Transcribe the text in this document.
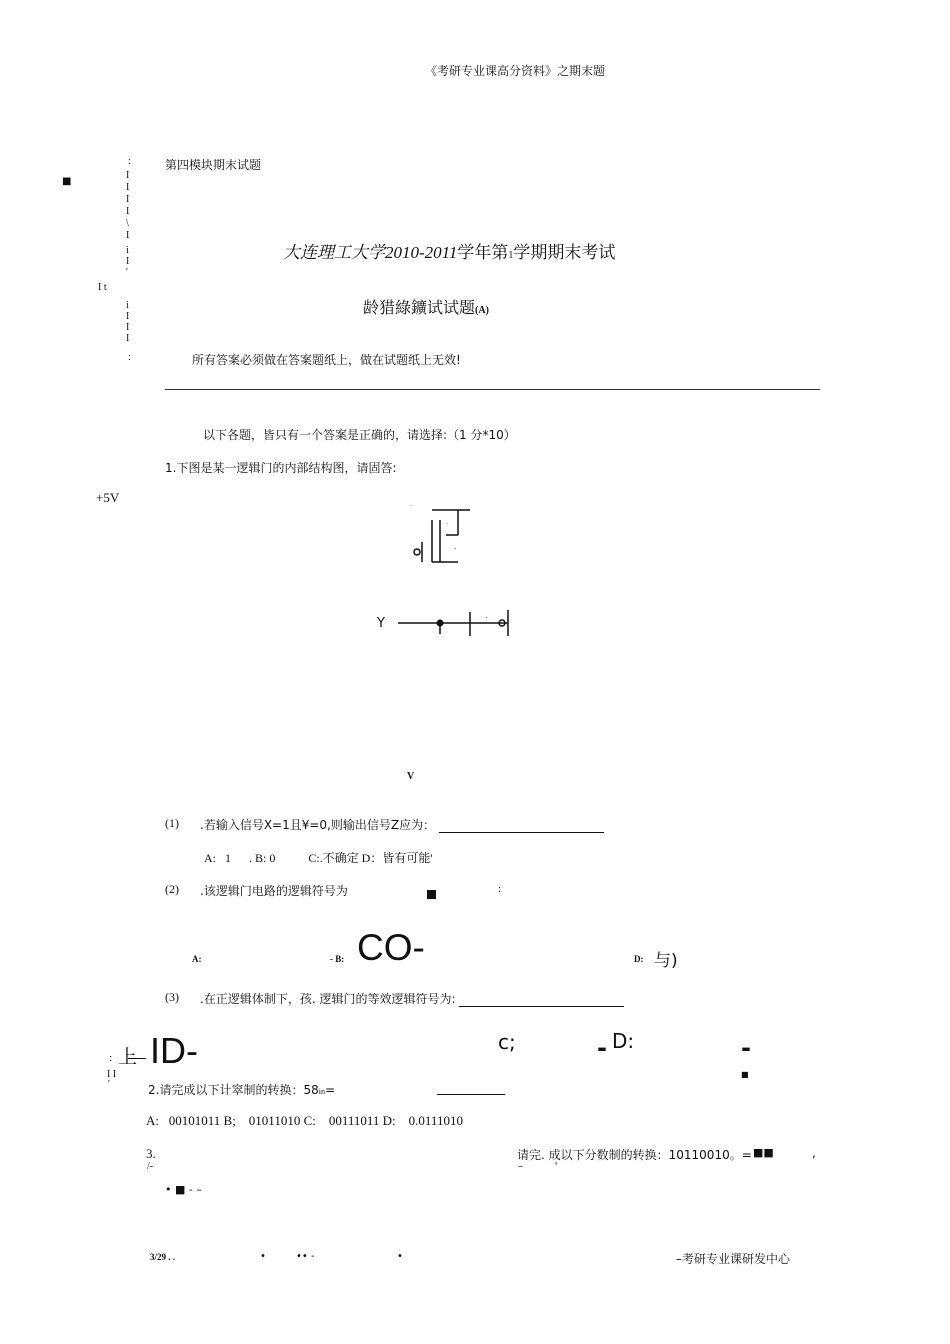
《考研专业课高分资料》之期末题
:
I
I
I
I
\
I
■
i
I
'
I t
i
I
I
I
:
第四模块期末试题
大连理工大学2010-2011学年第1学期期末考试
龄猎綠鑛试试题(A)
所有答案必须做在答案题纸上，做在试题纸上无效!
以下各题，皆只有一个答案是正确的，请选择:（1 分*10）
1.下图是某一逻辑门的内部结构图，请固答:
+5V
·
·
-
`
Y
V
(1) .若输入信号X=1且¥=0,则输出信号Z应为：
A:   1      . B: 0           C:.不确定 D：皆有可能'
(2) .该逻辑门电路的逻辑符号为	:
A:	- B: CO-	D: 与)
(3) .在正逻辑体制下，孩. 逻辑门的等效逻辑符号为:
: 上 ID-	c;	- D:	-
■
I I
'	2.请完成以下计窣制的转换：58in=
A:   00101011 B;    01011010 C:    00111011 D:    0.0111010
3.
/-
请完. 成以下分数制的转换：10110010。= ■■	,
–          '
• ■ - –
3/29 . .	•	•• -	•	–考研专业课研发中心
